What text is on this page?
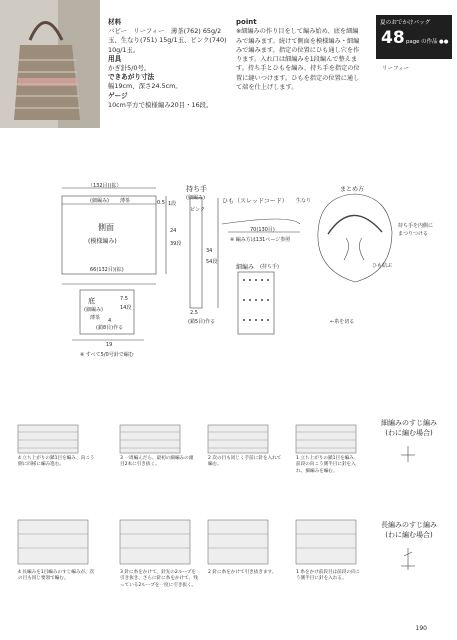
材料
バピー　リーフィー　薄茶(762) 65g/2玉、生なり(751) 15g/1玉、ピンク(740) 10g/1玉。
用具
かぎ針5/0号。
できあがり寸法
幅19cm、深さ24.5cm。
ゲージ
10cm平方で模様編み20目・16段。
point
※細編みの作り目をして編み始め、底を細編みで編みます。続けて側面を模様編み・細編みで編みます。指定の位置にひも通し穴を作ります。入れ口は細編みを1段編んで整えます。持ち手とひもを編み、持ち手を指定の位置に縫いつけます。ひもを指定の位置に通して端を仕上げします。
夏のおでかけバッグ
48 page の作品 ●●
リーフィー
（132目)(拡）
(細編み) 薄茶
側面
(模様編み)
0.5 1段
24
39段
66(132目)(拡)
底
(細編み)
薄茶
7.5
14段
4
(鎖8目)作る
19
※ すべて5/0号針で編む
持ち手
(細編み)
ピンク
34
54段
2.5
(鎖5目)作る
ひも（スレッドコード） 生なり
70(130目)
※ 編み方は131ページ参照
細編み (持ち手)
←糸を切る
まとめ方
持ち手を内側に
まつりつける
ひも結ぶ
4 立ち上がりの鎖1目を編み、向こう側に同様に編み進む。
3 一周編んだら、最初の細編みの頭目2本に引き抜く。
2 次の目も同じく手前に針を入れて編む。
1 立ち上がりの鎖1目を編み、前段の向こう側半目に針を入れ、細編みを編む。
4 長編みを1目編みのすじ編みが、次の目も同じ要領で編む。
3 針に糸をかけて、針先の2ループを引き抜き、さらに針に糸をかけて、残っている2ループを一度に引き抜く。
2 針に糸をかけて引き抜きます。	1 糸をかけ前段目は前段の向こう側半目に針を入れる。
細編みのすじ編み
(わに編む場合)
長編みのすじ編み
(わに編む場合)
190
